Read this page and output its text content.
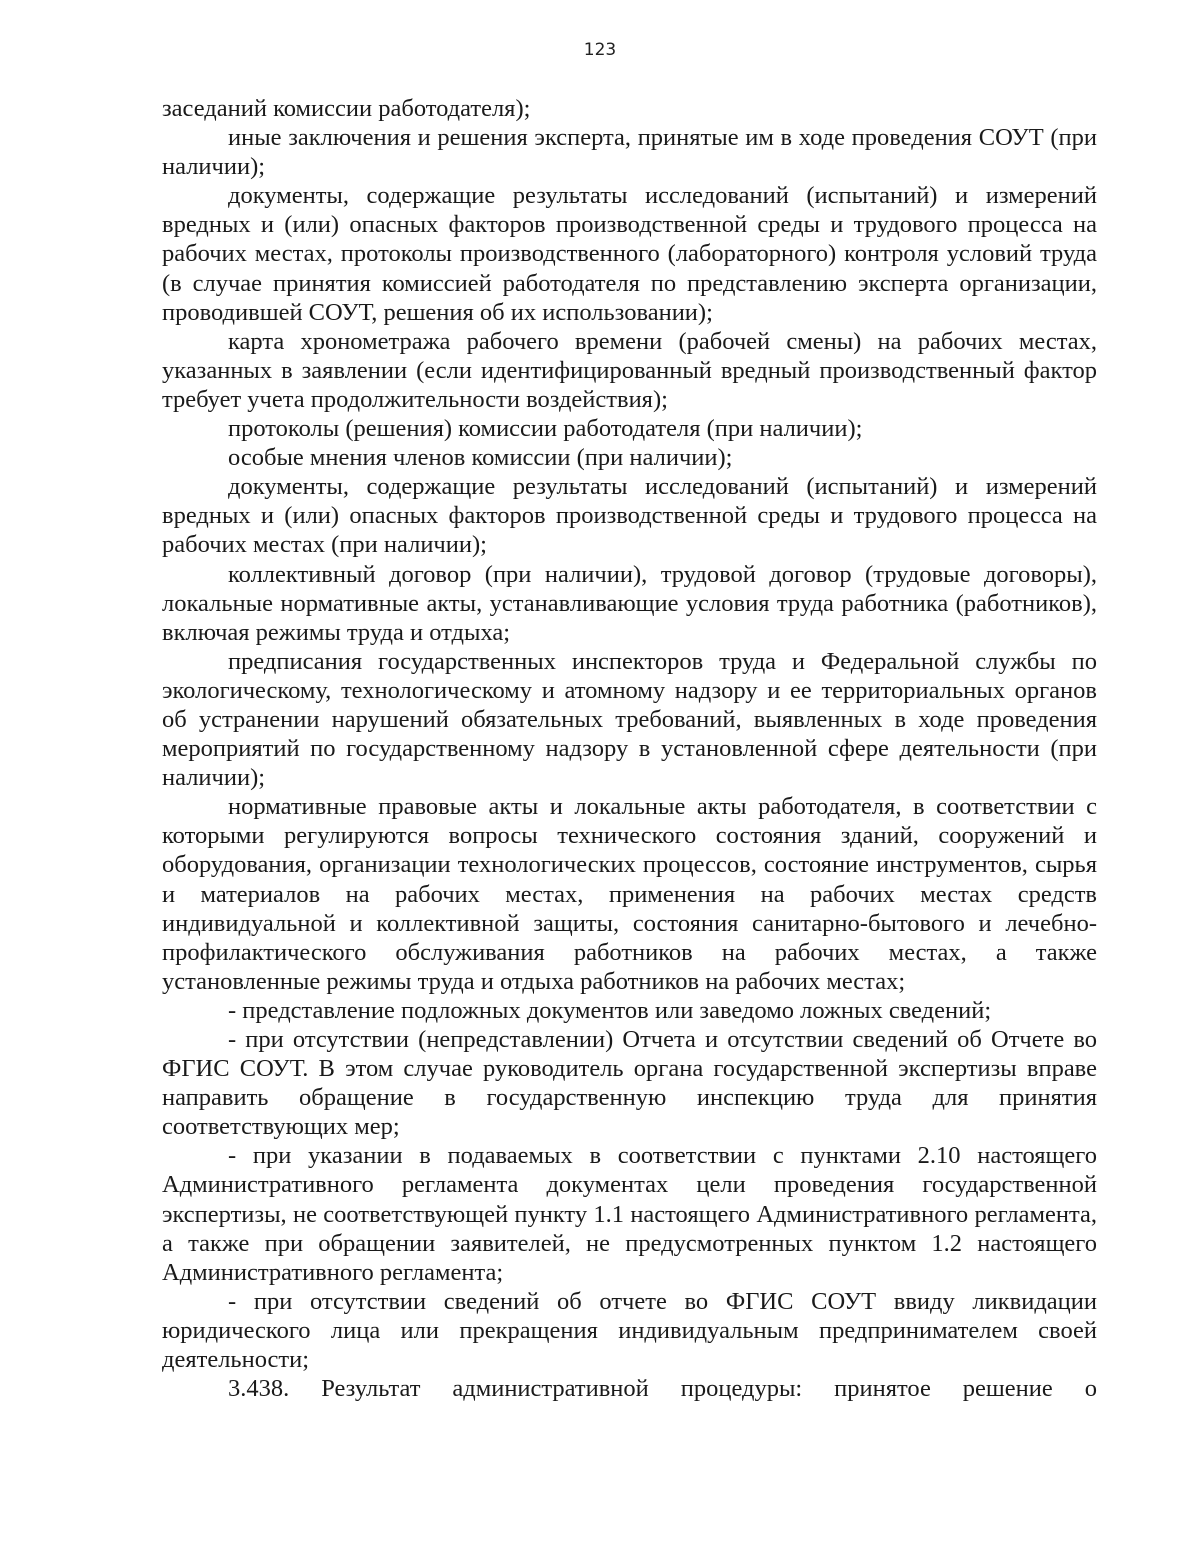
123

заседаний комиссии работодателя);

иные заключения и решения эксперта, принятые им в ходе проведения СОУТ (при наличии);

документы, содержащие результаты исследований (испытаний) и измерений вредных и (или) опасных факторов производственной среды и трудового процесса на рабочих местах, протоколы производственного (лабораторного) контроля условий труда (в случае принятия комиссией работодателя по представлению эксперта организации, проводившей СОУТ, решения об их использовании);

карта хронометража рабочего времени (рабочей смены) на рабочих местах, указанных в заявлении (если идентифицированный вредный производственный фактор требует учета продолжительности воздействия);

протоколы (решения) комиссии работодателя (при наличии);

особые мнения членов комиссии (при наличии);

документы, содержащие результаты исследований (испытаний) и измерений вредных и (или) опасных факторов производственной среды и трудового процесса на рабочих местах (при наличии);

коллективный договор (при наличии), трудовой договор (трудовые договоры), локальные нормативные акты, устанавливающие условия труда работника (работников), включая режимы труда и отдыха;

предписания государственных инспекторов труда и Федеральной службы по экологическому, технологическому и атомному надзору и ее территориальных органов об устранении нарушений обязательных требований, выявленных в ходе проведения мероприятий по государственному надзору в установленной сфере деятельности (при наличии);

нормативные правовые акты и локальные акты работодателя, в соответствии с которыми регулируются вопросы технического состояния зданий, сооружений и оборудования, организации технологических процессов, состояние инструментов, сырья и материалов на рабочих местах, применения на рабочих местах средств индивидуальной и коллективной защиты, состояния санитарно-бытового и лечебно-профилактического обслуживания работников на рабочих местах, а также установленные режимы труда и отдыха работников на рабочих местах;

- представление подложных документов или заведомо ложных сведений;

- при отсутствии (непредставлении) Отчета и отсутствии сведений об Отчете во ФГИС СОУТ. В этом случае руководитель органа государственной экспертизы вправе направить обращение в государственную инспекцию труда для принятия соответствующих мер;

- при указании в подаваемых в соответствии с пунктами 2.10 настоящего Административного регламента документах цели проведения государственной экспертизы, не соответствующей пункту 1.1 настоящего Административного регламента, а также при обращении заявителей, не предусмотренных пунктом 1.2 настоящего Административного регламента;

- при отсутствии сведений об отчете во ФГИС СОУТ ввиду ликвидации юридического лица или прекращения индивидуальным предпринимателем своей деятельности;

3.438. Результат административной процедуры: принятое решение о
